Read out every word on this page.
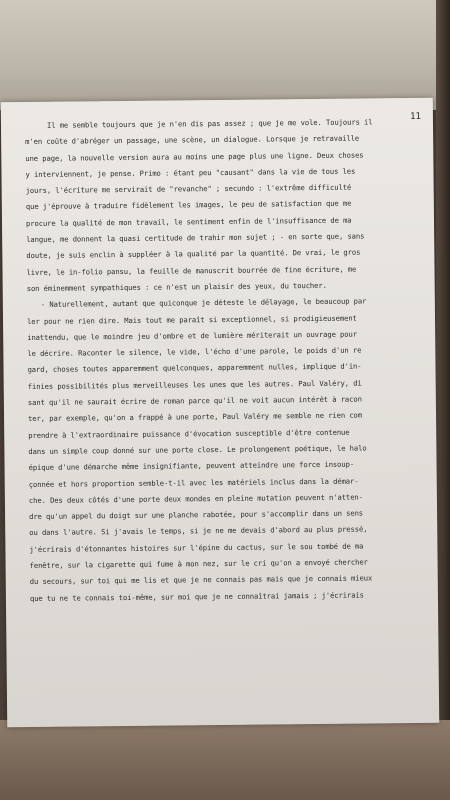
11
Il me semble toujours que je n'en dis pas assez ; que je me vole. Toujours il
m'en coûte d'abréger un passage, une scène, un dialogue. Lorsque je retravaille
une page, la nouvelle version aura au moins une page plus une ligne. Deux choses
y interviennent, je pense. Primo : étant peu "causant" dans la vie de tous les
jours, l'écriture me servirait de "revanche" ; secundo : l'extrême difficulté
que j'éprouve à traduire fidèlement les images, le peu de satisfaction que me
procure la qualité de mon travail, le sentiment enfin de l'insuffisance de ma
langue, me donnent la quasi certitude de trahir mon sujet ; - en sorte que, sans
doute, je suis enclin à suppléer à la qualité par la quantité. De vrai, le gros
livre, le in-folio pansu, la feuille de manuscrit bourrée de fine écriture, me
son éminemment sympathiques : ce n'est un plaisir des yeux, du toucher.
- Naturellement, autant que quiconque je déteste le délayage, le beaucoup par
ler pour ne rien dire. Mais tout me paraît si exceptionnel, si prodigieusement
inattendu, que le moindre jeu d'ombre et de lumière mériterait un ouvrage pour
le décrire. Raconter le silence, le vide, l'écho d'une parole, le poids d'un re
gard, choses toutes apparemment quelconques, apparemment nulles, implique d'in-
finies possibilités plus merveilleuses les unes que les autres. Paul Valéry, di
sant qu'il ne saurait écrire de roman parce qu'il ne voit aucun intérêt à racon
ter, par exemple, qu'on a frappé à une porte, Paul Valéry me semble ne rien com
prendre à l'extraordinaire puissance d'évocation susceptible d'être contenue
dans un simple coup donné sur une porte close. Le prolongement poétique, le halo
épique d'une démarche même insignifiante, peuvent atteindre une force insoup-
çonnée et hors proportion semble-t-il avec les matériels inclus dans la démar-
che. Des deux côtés d'une porte deux mondes en pleine mutation peuvent n'atten-
dre qu'un appel du doigt sur une planche rabotée, pour s'accomplir dans un sens
ou dans l'autre. Si j'avais le temps, si je ne me devais d'abord au plus pressé,
j'écrirais d'étonnantes histoires sur l'épine du cactus, sur le sou tombé de ma
fenêtre, sur la cigarette qui fume à mon nez, sur le cri qu'on a envoyé chercher
du secours, sur toi qui me lis et que je ne connais pas mais que je connais mieux
que tu ne te connais toi-même, sur moi que je ne connaîtrai jamais ; j'écrirais
